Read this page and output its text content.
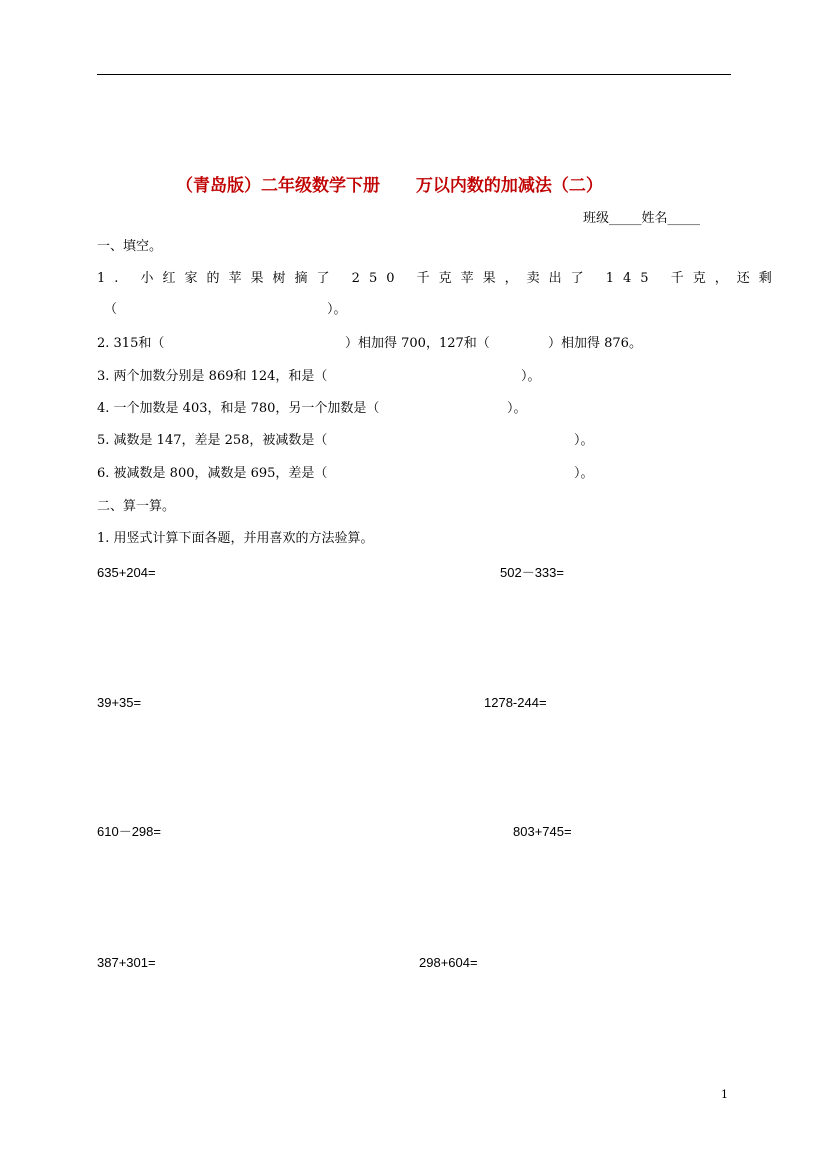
（青岛版）二年级数学下册 万以内数的加减法（二）
班级_____姓名_____
一、填空。
1. 小红家的苹果树摘了 250 千克苹果，卖出了 145 千克，还剩
（	）。
2. 315和（	）相加得 700，127和（	）相加得 876。
3. 两个加数分别是 869和 124，和是（	）。
4. 一个加数是 403，和是 780，另一个加数是（	）。
5. 减数是 147，差是 258，被减数是（	）。
6. 被减数是 800，减数是 695，差是（	）。
二、算一算。
1. 用竖式计算下面各题，并用喜欢的方法验算。
635+204=	502－333=
39+35=	1278-244=
610－298=	803+745=
387+301=	298+604=
1
